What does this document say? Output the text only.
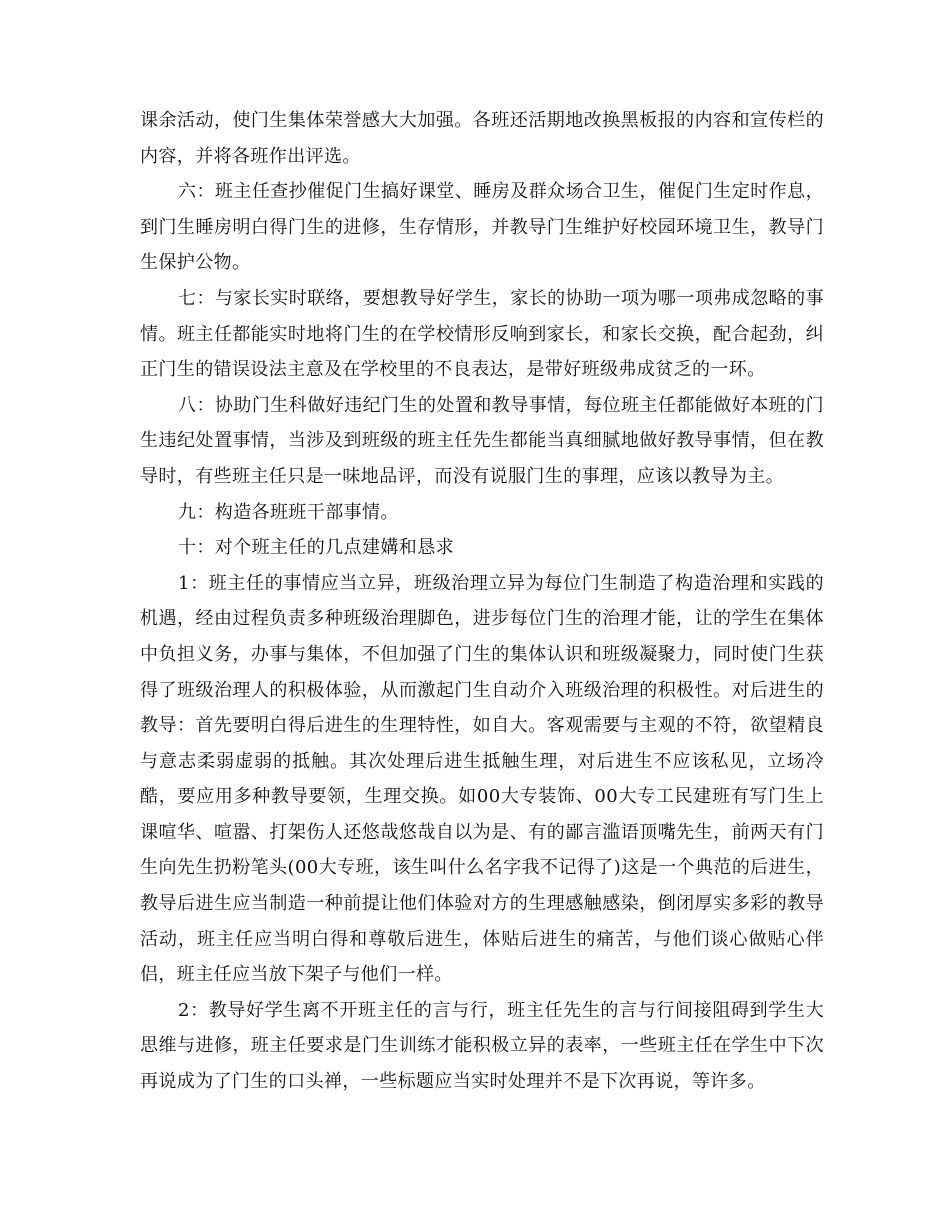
课余活动，使门生集体荣誉感大大加强。各班还活期地改换黑板报的内容和宣传栏的内容，并将各班作出评选。

六：班主任查抄催促门生搞好课堂、睡房及群众场合卫生，催促门生定时作息，到门生睡房明白得门生的进修，生存情形，并教导门生维护好校园环境卫生，教导门生保护公物。

七：与家长实时联络，要想教导好学生，家长的协助一项为哪一项弗成忽略的事情。班主任都能实时地将门生的在学校情形反响到家长，和家长交换，配合起劲，纠正门生的错误设法主意及在学校里的不良表达，是带好班级弗成贫乏的一环。

八：协助门生科做好违纪门生的处置和教导事情，每位班主任都能做好本班的门生违纪处置事情，当涉及到班级的班主任先生都能当真细腻地做好教导事情，但在教导时，有些班主任只是一味地品评，而没有说服门生的事理，应该以教导为主。

九：构造各班班干部事情。

十：对个班主任的几点建媾和恳求

1：班主任的事情应当立异，班级治理立异为每位门生制造了构造治理和实践的机遇，经由过程负责多种班级治理脚色，进步每位门生的治理才能，让的学生在集体中负担义务，办事与集体，不但加强了门生的集体认识和班级凝聚力，同时使门生获得了班级治理人的积极体验，从而激起门生自动介入班级治理的积极性。对后进生的教导：首先要明白得后进生的生理特性，如自大。客观需要与主观的不符，欲望精良与意志柔弱虚弱的抵触。其次处理后进生抵触生理，对后进生不应该私见，立场冷酷，要应用多种教导要领，生理交换。如00大专装饰、00大专工民建班有写门生上课喧华、喧嚣、打架伤人还悠哉悠哉自以为是、有的鄙言滥语顶嘴先生，前两天有门生向先生扔粉笔头(00大专班，该生叫什么名字我不记得了)这是一个典范的后进生，教导后进生应当制造一种前提让他们体验对方的生理感触感染，倒闭厚实多彩的教导活动，班主任应当明白得和尊敬后进生，体贴后进生的痛苦，与他们谈心做贴心伴侣，班主任应当放下架子与他们一样。

2：教导好学生离不开班主任的言与行，班主任先生的言与行间接阻碍到学生大思维与进修，班主任要求是门生训练才能积极立异的表率，一些班主任在学生中下次再说成为了门生的口头禅，一些标题应当实时处理并不是下次再说，等许多。
